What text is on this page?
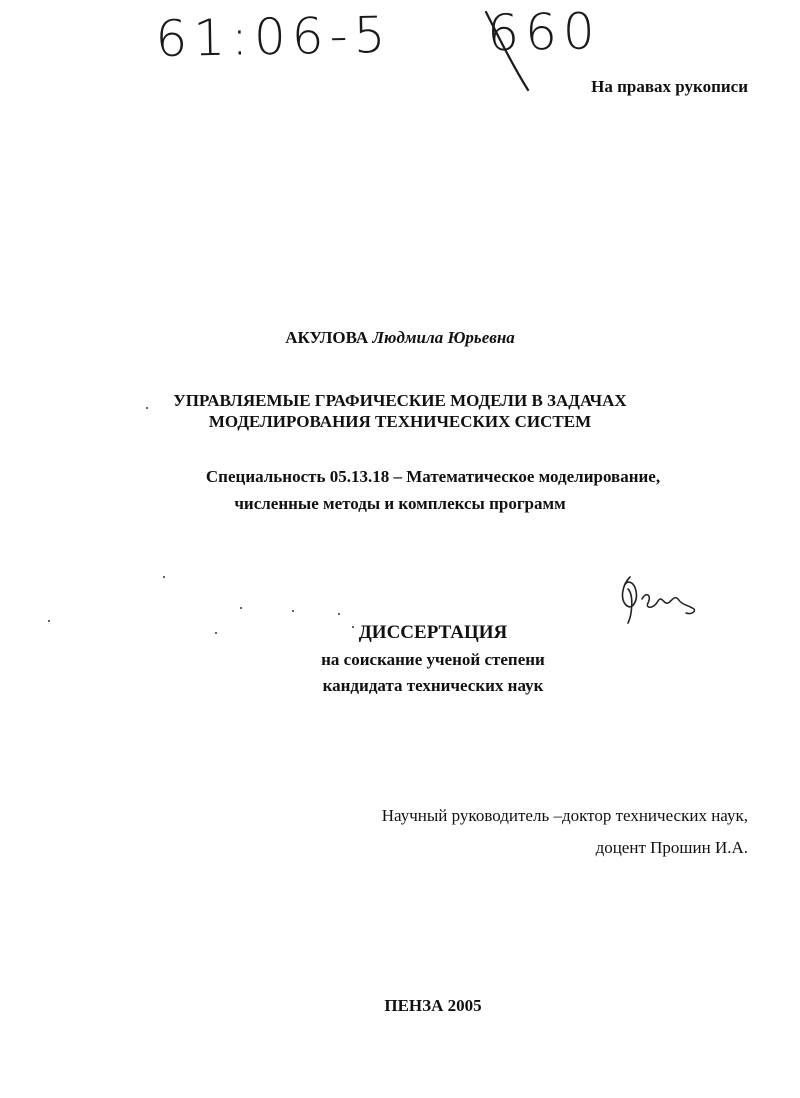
61:06-5 660
На правах рукописи
АКУЛОВА Людмила Юрьевна
УПРАВЛЯЕМЫЕ ГРАФИЧЕСКИЕ МОДЕЛИ В ЗАДАЧАХ
МОДЕЛИРОВАНИЯ ТЕХНИЧЕСКИХ СИСТЕМ
Специальность 05.13.18 – Математическое моделирование,
численные методы и комплексы программ
ДИССЕРТАЦИЯ
на соискание ученой степени
кандидата технических наук
Научный руководитель –доктор технических наук,
доцент Прошин И.А.
ПЕНЗА 2005
